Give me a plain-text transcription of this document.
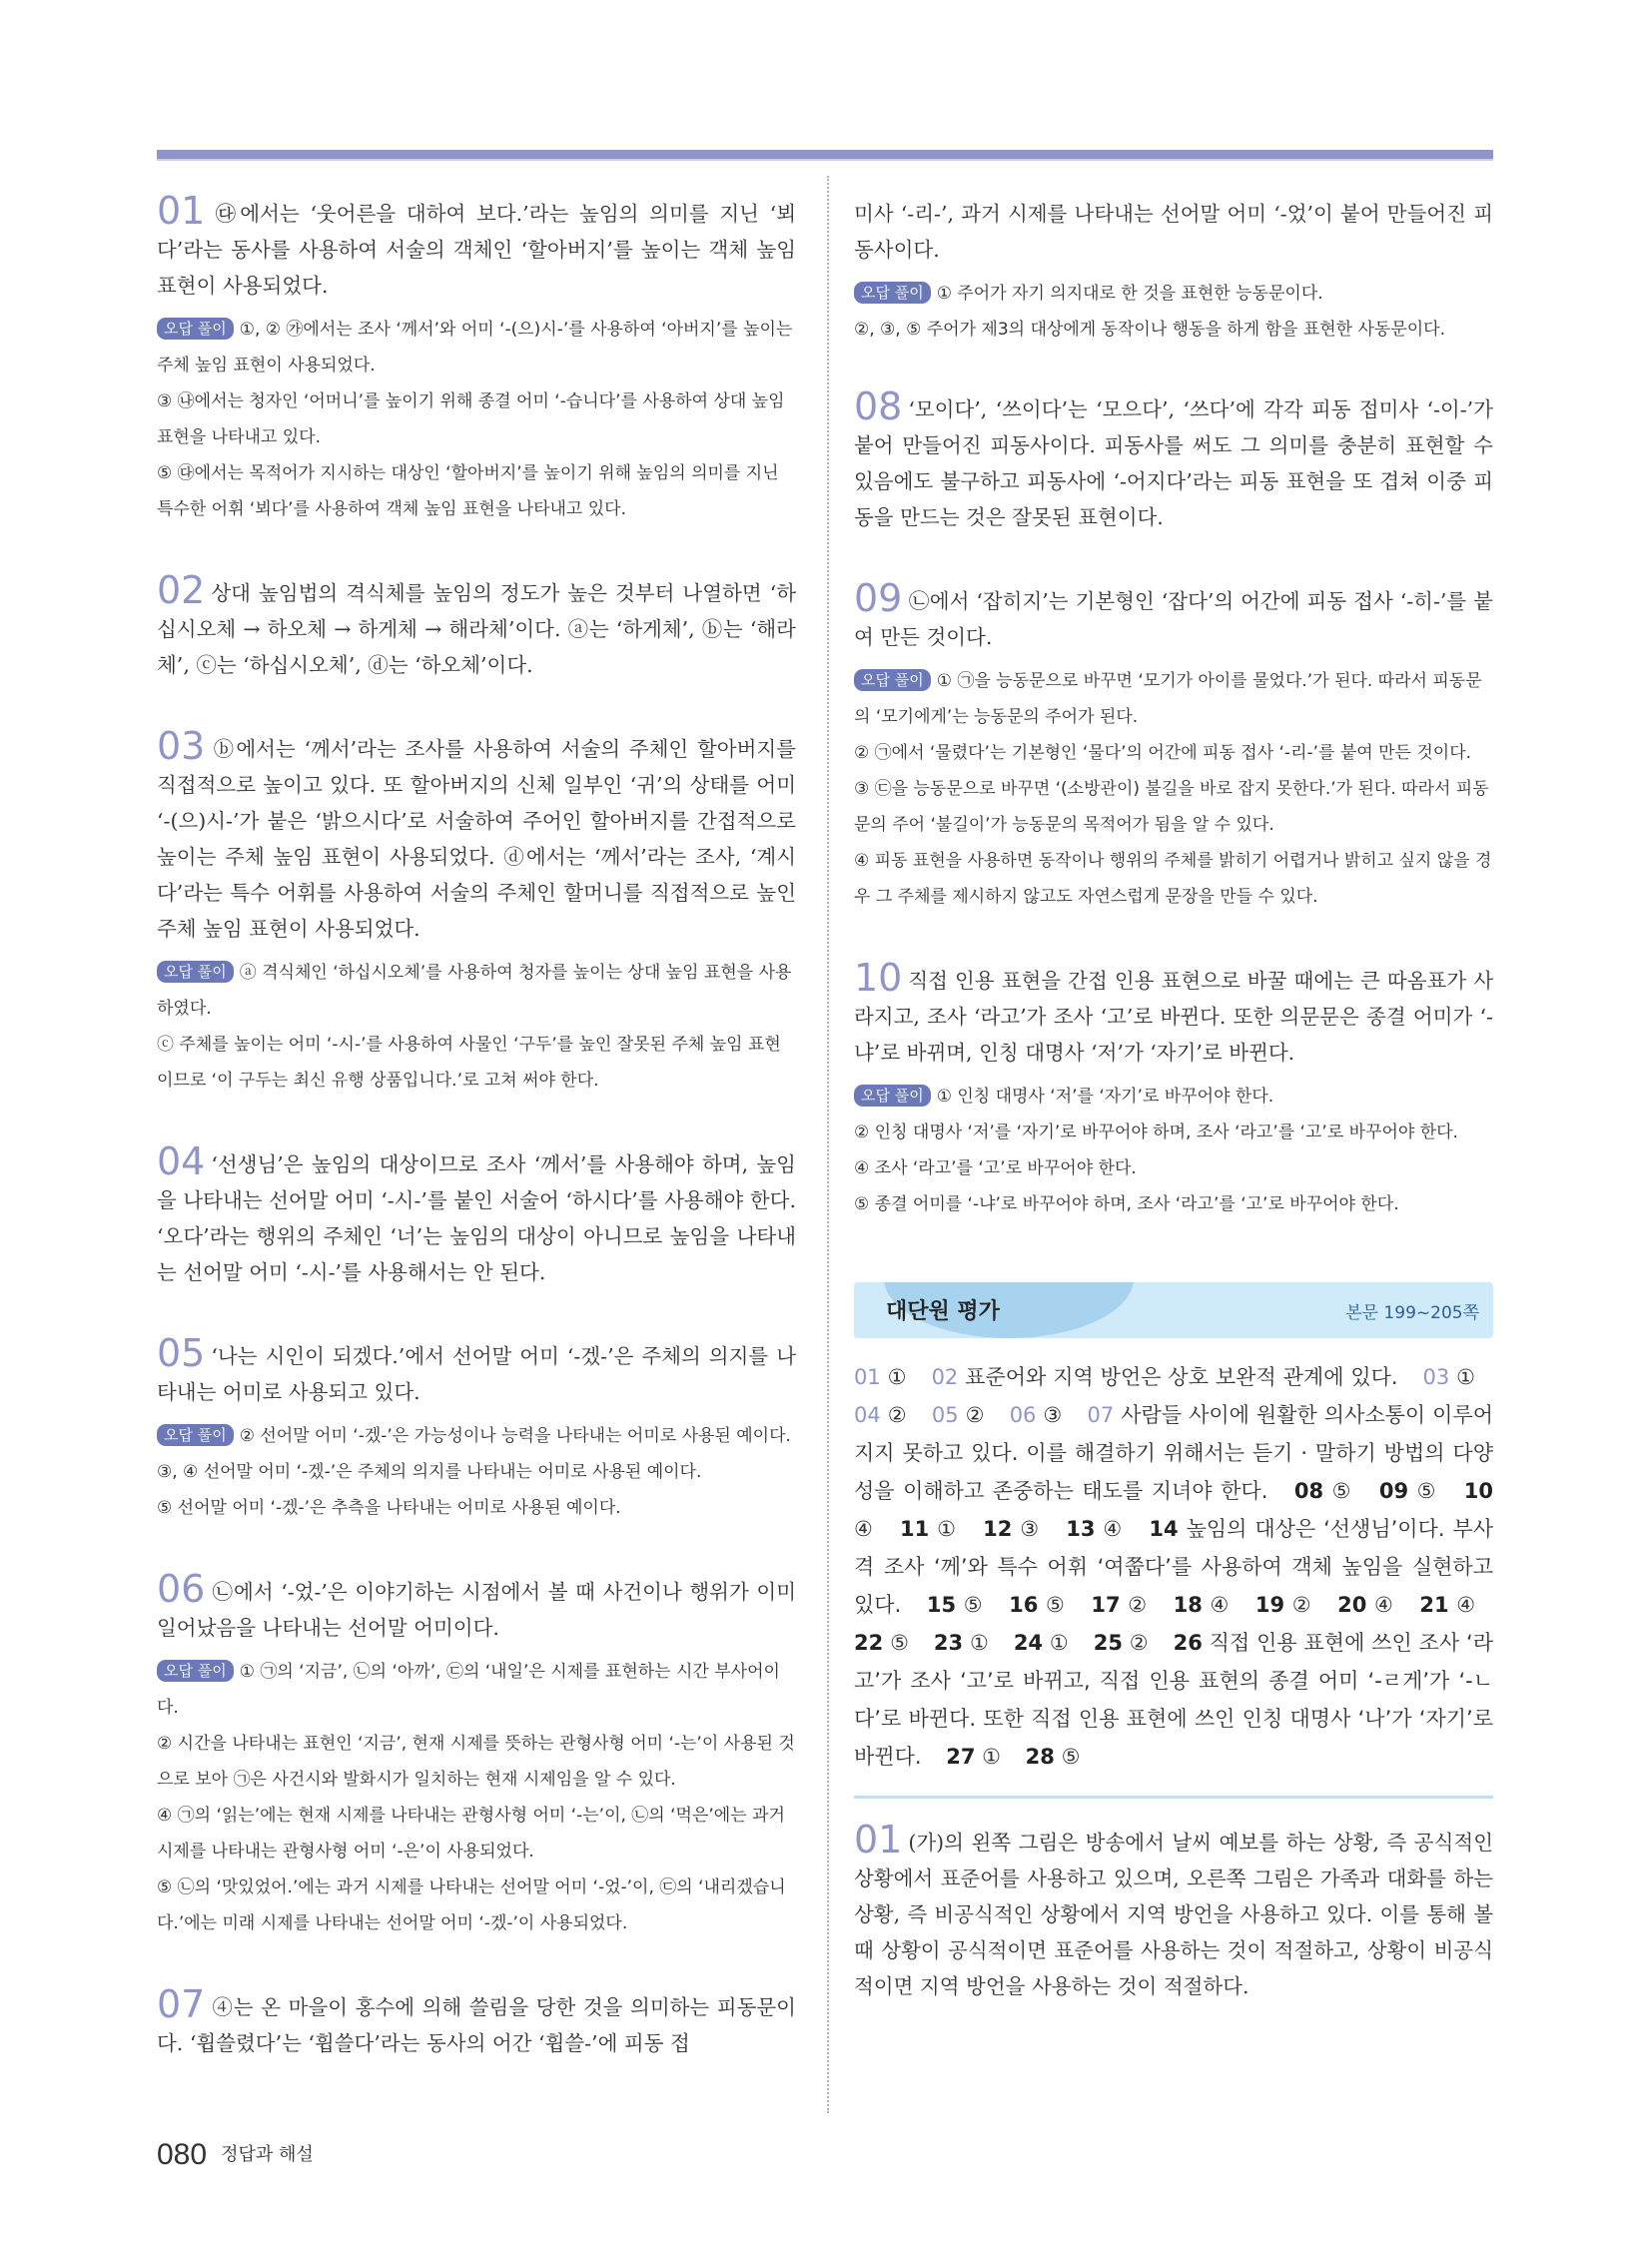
01 ㉰에서는 ‘웃어른을 대하여 보다.’라는 높임의 의미를 지닌 ‘뵈다’라는 동사를 사용하여 서술의 객체인 ‘할아버지’를 높이는 객체 높임 표현이 사용되었다.

오답 풀이 ①, ② ㉮에서는 조사 ‘께서’와 어미 ‘-(으)시-’를 사용하여 ‘아버지’를 높이는 주체 높임 표현이 사용되었다.

③ ㉯에서는 청자인 ‘어머니’를 높이기 위해 종결 어미 ‘-습니다’를 사용하여 상대 높임 표현을 나타내고 있다.

⑤ ㉰에서는 목적어가 지시하는 대상인 ‘할아버지’를 높이기 위해 높임의 의미를 지닌 특수한 어휘 ‘뵈다’를 사용하여 객체 높임 표현을 나타내고 있다.

02 상대 높임법의 격식체를 높임의 정도가 높은 것부터 나열하면 ‘하십시오체 → 하오체 → 하게체 → 해라체’이다. ⓐ는 ‘하게체’, ⓑ는 ‘해라체’, ⓒ는 ‘하십시오체’, ⓓ는 ‘하오체’이다.

03 ⓑ에서는 ‘께서’라는 조사를 사용하여 서술의 주체인 할아버지를 직접적으로 높이고 있다. 또 할아버지의 신체 일부인 ‘귀’의 상태를 어미 ‘-(으)시-’가 붙은 ‘밝으시다’로 서술하여 주어인 할아버지를 간접적으로 높이는 주체 높임 표현이 사용되었다. ⓓ에서는 ‘께서’라는 조사, ‘계시다’라는 특수 어휘를 사용하여 서술의 주체인 할머니를 직접적으로 높인 주체 높임 표현이 사용되었다.

오답 풀이 ⓐ 격식체인 ‘하십시오체’를 사용하여 청자를 높이는 상대 높임 표현을 사용하였다.

ⓒ 주체를 높이는 어미 ‘-시-’를 사용하여 사물인 ‘구두’를 높인 잘못된 주체 높임 표현이므로 ‘이 구두는 최신 유행 상품입니다.’로 고쳐 써야 한다.

04 ‘선생님’은 높임의 대상이므로 조사 ‘께서’를 사용해야 하며, 높임을 나타내는 선어말 어미 ‘-시-’를 붙인 서술어 ‘하시다’를 사용해야 한다. ‘오다’라는 행위의 주체인 ‘너’는 높임의 대상이 아니므로 높임을 나타내는 선어말 어미 ‘-시-’를 사용해서는 안 된다.

05 ‘나는 시인이 되겠다.’에서 선어말 어미 ‘-겠-’은 주체의 의지를 나타내는 어미로 사용되고 있다.

오답 풀이 ② 선어말 어미 ‘-겠-’은 가능성이나 능력을 나타내는 어미로 사용된 예이다.

③, ④ 선어말 어미 ‘-겠-’은 주체의 의지를 나타내는 어미로 사용된 예이다.

⑤ 선어말 어미 ‘-겠-’은 추측을 나타내는 어미로 사용된 예이다.

06 ㉡에서 ‘-었-’은 이야기하는 시점에서 볼 때 사건이나 행위가 이미 일어났음을 나타내는 선어말 어미이다.

오답 풀이 ① ㉠의 ‘지금’, ㉡의 ‘아까’, ㉢의 ‘내일’은 시제를 표현하는 시간 부사어이다.

② 시간을 나타내는 표현인 ‘지금’, 현재 시제를 뜻하는 관형사형 어미 ‘-는’이 사용된 것으로 보아 ㉠은 사건시와 발화시가 일치하는 현재 시제임을 알 수 있다.

④ ㉠의 ‘읽는’에는 현재 시제를 나타내는 관형사형 어미 ‘-는’이, ㉡의 ‘먹은’에는 과거 시제를 나타내는 관형사형 어미 ‘-은’이 사용되었다.

⑤ ㉡의 ‘맛있었어.’에는 과거 시제를 나타내는 선어말 어미 ‘-었-’이, ㉢의 ‘내리겠습니다.’에는 미래 시제를 나타내는 선어말 어미 ‘-겠-’이 사용되었다.

07 ④는 온 마을이 홍수에 의해 쓸림을 당한 것을 의미하는 피동문이다. ‘휩쓸렸다’는 ‘휩쓸다’라는 동사의 어간 ‘휩쓸-’에 피동 접

미사 ‘-리-’, 과거 시제를 나타내는 선어말 어미 ‘-었’이 붙어 만들어진 피동사이다.

오답 풀이 ① 주어가 자기 의지대로 한 것을 표현한 능동문이다.

②, ③, ⑤ 주어가 제3의 대상에게 동작이나 행동을 하게 함을 표현한 사동문이다.

08 ‘모이다’, ‘쓰이다’는 ‘모으다’, ‘쓰다’에 각각 피동 접미사 ‘-이-’가 붙어 만들어진 피동사이다. 피동사를 써도 그 의미를 충분히 표현할 수 있음에도 불구하고 피동사에 ‘-어지다’라는 피동 표현을 또 겹쳐 이중 피동을 만드는 것은 잘못된 표현이다.

09 ㉡에서 ‘잡히지’는 기본형인 ‘잡다’의 어간에 피동 접사 ‘-히-’를 붙여 만든 것이다.

오답 풀이 ① ㉠을 능동문으로 바꾸면 ‘모기가 아이를 물었다.’가 된다. 따라서 피동문의 ‘모기에게’는 능동문의 주어가 된다.

② ㉠에서 ‘물렸다’는 기본형인 ‘물다’의 어간에 피동 접사 ‘-리-’를 붙여 만든 것이다.

③ ㉢을 능동문으로 바꾸면 ‘(소방관이) 불길을 바로 잡지 못한다.’가 된다. 따라서 피동문의 주어 ‘불길이’가 능동문의 목적어가 됨을 알 수 있다.

④ 피동 표현을 사용하면 동작이나 행위의 주체를 밝히기 어렵거나 밝히고 싶지 않을 경우 그 주체를 제시하지 않고도 자연스럽게 문장을 만들 수 있다.

10 직접 인용 표현을 간접 인용 표현으로 바꿀 때에는 큰 따옴표가 사라지고, 조사 ‘라고’가 조사 ‘고’로 바뀐다. 또한 의문문은 종결 어미가 ‘-냐’로 바뀌며, 인칭 대명사 ‘저’가 ‘자기’로 바뀐다.

오답 풀이 ① 인칭 대명사 ‘저’를 ‘자기’로 바꾸어야 한다.

② 인칭 대명사 ‘저’를 ‘자기’로 바꾸어야 하며, 조사 ‘라고’를 ‘고’로 바꾸어야 한다.

④ 조사 ‘라고’를 ‘고’로 바꾸어야 한다.

⑤ 종결 어미를 ‘-냐’로 바꾸어야 하며, 조사 ‘라고’를 ‘고’로 바꾸어야 한다.

대단원 평가	본문 199~205쪽

01 ① 02 표준어와 지역 방언은 상호 보완적 관계에 있다. 03 ① 04 ② 05 ② 06 ③ 07 사람들 사이에 원활한 의사소통이 이루어지지 못하고 있다. 이를 해결하기 위해서는 듣기 · 말하기 방법의 다양성을 이해하고 존중하는 태도를 지녀야 한다. 08 ⑤ 09 ⑤ 10 ④ 11 ① 12 ③ 13 ④ 14 높임의 대상은 ‘선생님’이다. 부사격 조사 ‘께’와 특수 어휘 ‘여쭙다’를 사용하여 객체 높임을 실현하고 있다. 15 ⑤ 16 ⑤ 17 ② 18 ④ 19 ② 20 ④ 21 ④ 22 ⑤ 23 ① 24 ① 25 ② 26 직접 인용 표현에 쓰인 조사 ‘라고’가 조사 ‘고’로 바뀌고, 직접 인용 표현의 종결 어미 ‘-ㄹ게’가 ‘-ㄴ다’로 바뀐다. 또한 직접 인용 표현에 쓰인 인칭 대명사 ‘나’가 ‘자기’로 바뀐다. 27 ① 28 ⑤

01 (가)의 왼쪽 그림은 방송에서 날씨 예보를 하는 상황, 즉 공식적인 상황에서 표준어를 사용하고 있으며, 오른쪽 그림은 가족과 대화를 하는 상황, 즉 비공식적인 상황에서 지역 방언을 사용하고 있다. 이를 통해 볼 때 상황이 공식적이면 표준어를 사용하는 것이 적절하고, 상황이 비공식적이면 지역 방언을 사용하는 것이 적절하다.

080 정답과 해설
